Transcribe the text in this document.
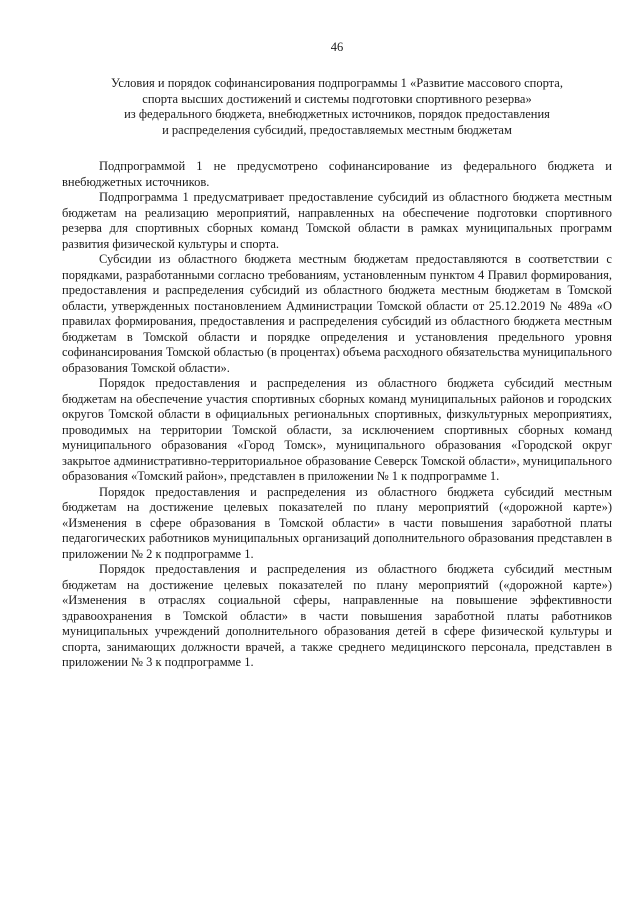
46
Условия и порядок софинансирования подпрограммы 1 «Развитие массового спорта,
спорта высших достижений и системы подготовки спортивного резерва»
из федерального бюджета, внебюджетных источников, порядок предоставления
и распределения субсидий, предоставляемых местным бюджетам

Подпрограммой 1 не предусмотрено софинансирование из федерального бюджета и внебюджетных источников.

Подпрограмма 1 предусматривает предоставление субсидий из областного бюджета местным бюджетам на реализацию мероприятий, направленных на обеспечение подготовки спортивного резерва для спортивных сборных команд Томской области в рамках муниципальных программ развития физической культуры и спорта.

Субсидии из областного бюджета местным бюджетам предоставляются в соответствии с порядками, разработанными согласно требованиям, установленным пунктом 4 Правил формирования, предоставления и распределения субсидий из областного бюджета местным бюджетам в Томской области, утвержденных постановлением Администрации Томской области от 25.12.2019 № 489а «О правилах формирования, предоставления и распределения субсидий из областного бюджета местным бюджетам в Томской области и порядке определения и установления предельного уровня софинансирования Томской областью (в процентах) объема расходного обязательства муниципального образования Томской области».

Порядок предоставления и распределения из областного бюджета субсидий местным бюджетам на обеспечение участия спортивных сборных команд муниципальных районов и городских округов Томской области в официальных региональных спортивных, физкультурных мероприятиях, проводимых на территории Томской области, за исключением спортивных сборных команд муниципального образования «Город Томск», муниципального образования «Городской округ закрытое административно-территориальное образование Северск Томской области», муниципального образования «Томский район», представлен в приложении № 1 к подпрограмме 1.

Порядок предоставления и распределения из областного бюджета субсидий местным бюджетам на достижение целевых показателей по плану мероприятий («дорожной карте») «Изменения в сфере образования в Томской области» в части повышения заработной платы педагогических работников муниципальных организаций дополнительного образования представлен в приложении № 2 к подпрограмме 1.

Порядок предоставления и распределения из областного бюджета субсидий местным бюджетам на достижение целевых показателей по плану мероприятий («дорожной карте») «Изменения в отраслях социальной сферы, направленные на повышение эффективности здравоохранения в Томской области» в части повышения заработной платы работников муниципальных учреждений дополнительного образования детей в сфере физической культуры и спорта, занимающих должности врачей, а также среднего медицинского персонала, представлен в приложении № 3 к подпрограмме 1.
